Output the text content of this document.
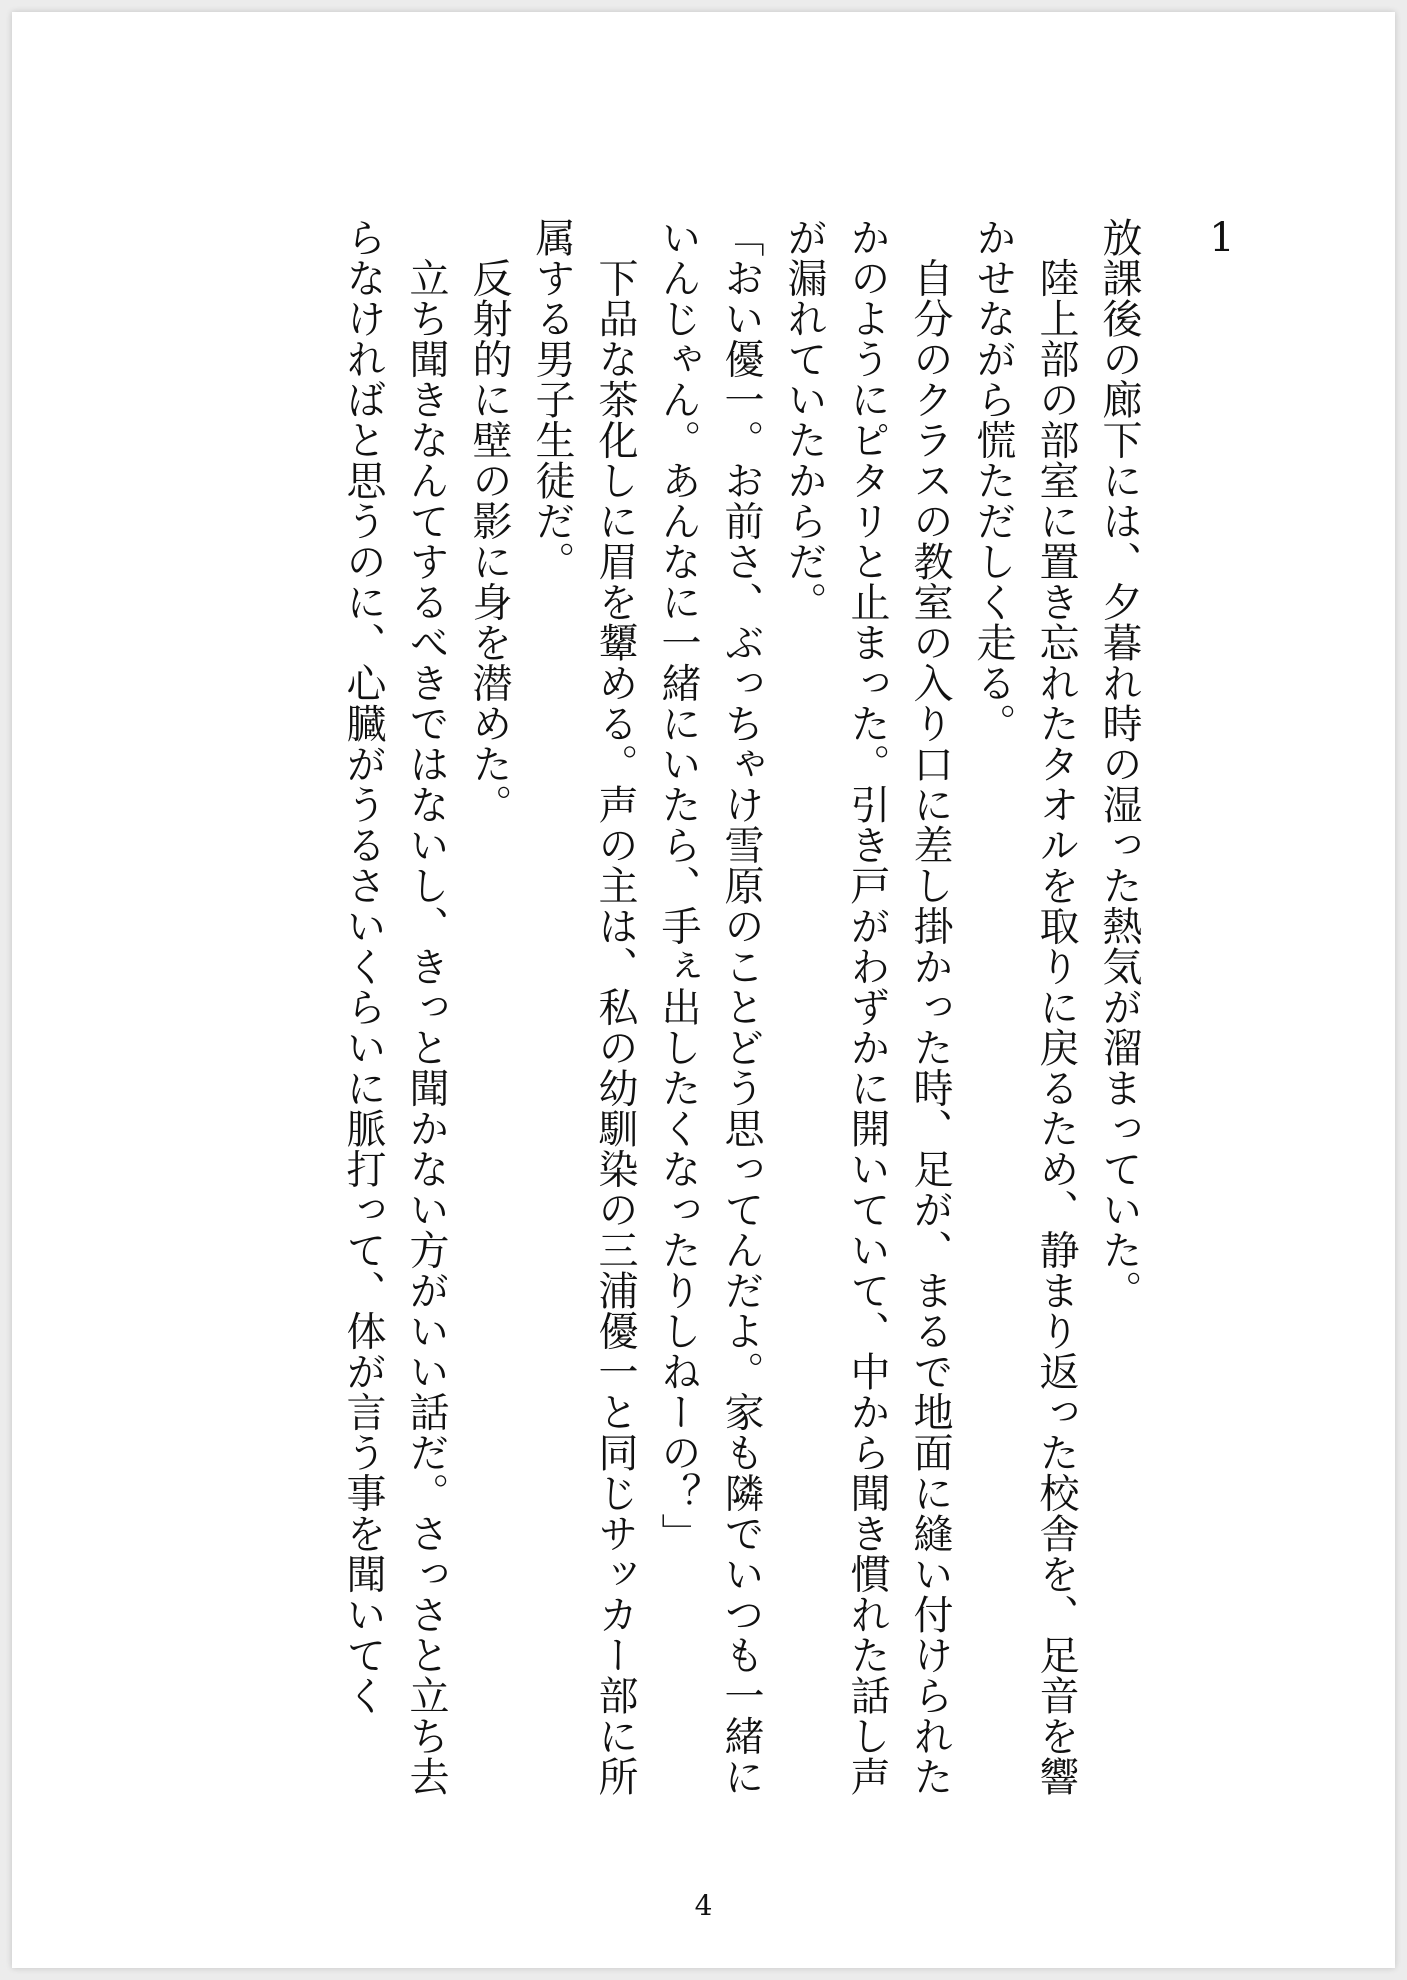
1

放課後の廊下には、夕暮れ時の湿った熱気が溜まっていた。

　陸上部の部室に置き忘れたタオルを取りに戻るため、静まり返った校舎を、足音を響かせながら慌ただしく走る。

　自分のクラスの教室の入り口に差し掛かった時、足が、まるで地面に縫い付けられたかのようにピタリと止まった。引き戸がわずかに開いていて、中から聞き慣れた話し声が漏れていたからだ。

「おい優一。お前さ、ぶっちゃけ雪原のことどう思ってんだよ。家も隣でいつも一緒にいんじゃん。あんなに一緒にいたら、手ぇ出したくなったりしねーの？」

　下品な茶化しに眉を顰める。声の主は、私の幼馴染の三浦優一と同じサッカー部に所属する男子生徒だ。

　反射的に壁の影に身を潜めた。

　立ち聞きなんてするべきではないし、きっと聞かない方がいい話だ。さっさと立ち去らなければと思うのに、心臓がうるさいくらいに脈打って、体が言う事を聞いてく

4
